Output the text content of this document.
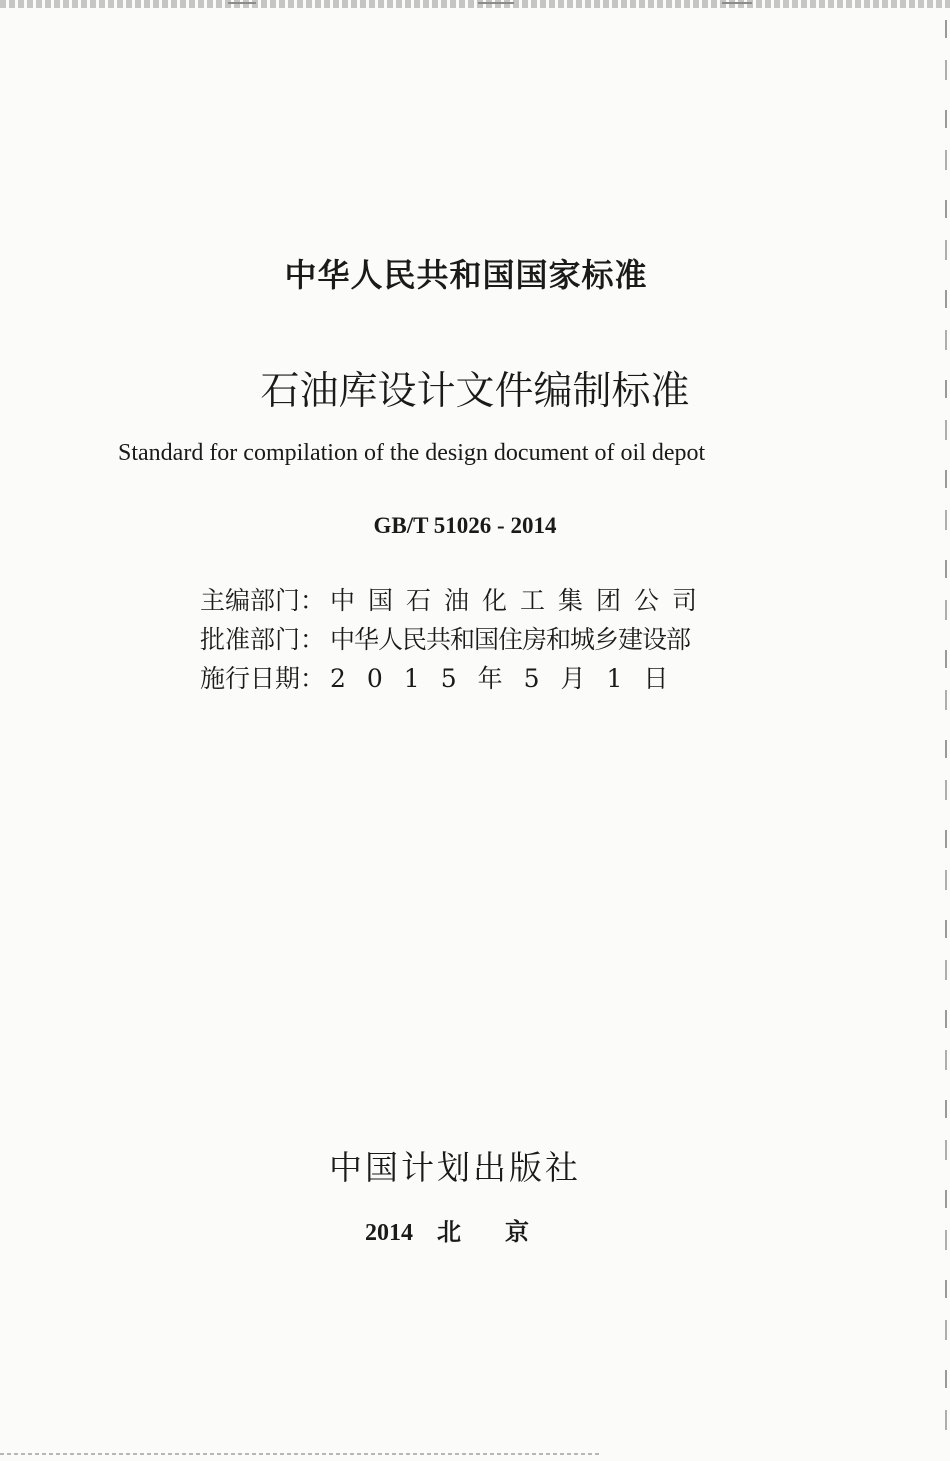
中华人民共和国国家标准
石油库设计文件编制标准
Standard for compilation of the design document of oil depot
GB/T 51026 - 2014
主编部门： 中国石油化工集团公司
批准部门： 中华人民共和国住房和城乡建设部
施行日期： 2015年5月1日
中国计划出版社
2014 北京
